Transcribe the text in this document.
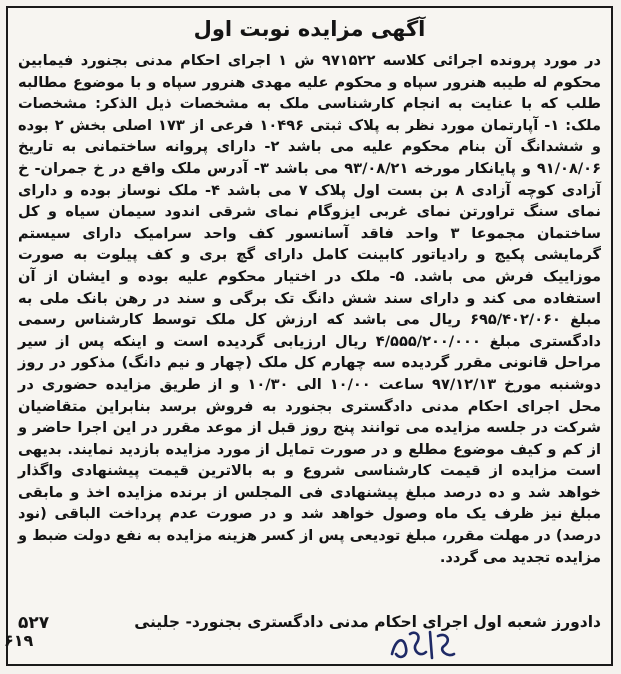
آگهی مزایده نوبت اول
در مورد پرونده اجرائی کلاسه ۹۷۱۵۲۲ ش ۱ اجرای احکام مدنی بجنورد فیمابین محکوم له طیبه هنرور سپاه و محکوم علیه مهدی هنرور سپاه و با موضوع مطالبه طلب که با عنایت به انجام کارشناسی ملک به مشخصات ذیل الذکر: مشخصات ملک: ۱- آپارتمان مورد نظر به پلاک ثبتی ۱۰۴۹۶ فرعی از ۱۷۳ اصلی بخش ۲ بوده و ششدانگ آن بنام محکوم علیه می باشد ۲- دارای پروانه ساختمانی به تاریخ ۹۱/۰۸/۰۶ و پایانکار مورخه ۹۳/۰۸/۲۱ می باشد ۳- آدرس ملک واقع در خ جمران- خ آزادی کوچه آزادی ۸ بن بست اول پلاک ۷ می باشد ۴- ملک نوساز بوده و دارای نمای سنگ تراورتن نمای غربی ایزوگام نمای شرقی اندود سیمان سیاه و کل ساختمان مجموعا ۳ واحد فاقد آسانسور کف واحد سرامیک دارای سیستم گرمایشی پکیج و رادیاتور کابینت کامل دارای گچ بری و کف پیلوت به صورت موزاییک فرش می باشد. ۵- ملک در اختیار محکوم علیه بوده و ایشان از آن استفاده می کند و دارای سند شش دانگ تک برگی و سند در رهن بانک ملی به مبلغ ۶۹۵/۴۰۲/۰۶۰ ریال می باشد که ارزش کل ملک توسط کارشناس رسمی دادگستری مبلغ ۴/۵۵۵/۲۰۰/۰۰۰ ریال ارزیابی گردیده است و اینکه پس از سیر مراحل قانونی مقرر گردیده سه چهارم کل ملک (چهار و نیم دانگ) مذکور در روز دوشنبه مورخ ۹۷/۱۲/۱۳ ساعت ۱۰/۰۰ الی ۱۰/۳۰ و از طریق مزایده حضوری در محل اجرای احکام مدنی دادگستری بجنورد به فروش برسد بنابراین متقاضیان شرکت در جلسه مزایده می توانند پنج روز قبل از موعد مقرر در این اجرا حاضر و از کم و کیف موضوع مطلع و در صورت تمایل از مورد مزایده بازدید نمایند. بدیهی است مزایده از قیمت کارشناسی شروع و به بالاترین قیمت پیشنهادی واگذار خواهد شد و ده درصد مبلغ پیشنهادی فی المجلس از برنده مزایده اخذ و مابقی مبلغ نیز ظرف یک ماه وصول خواهد شد و در صورت عدم پرداخت الباقی (نود درصد) در مهلت مقرر، مبلغ تودیعی پس از کسر هزینه مزایده به نفع دولت ضبط و مزایده تجدید می گردد.
دادورز شعبه اول اجرای احکام مدنی دادگستری بجنورد- جلینی
۵۲۷
۶۱۹
